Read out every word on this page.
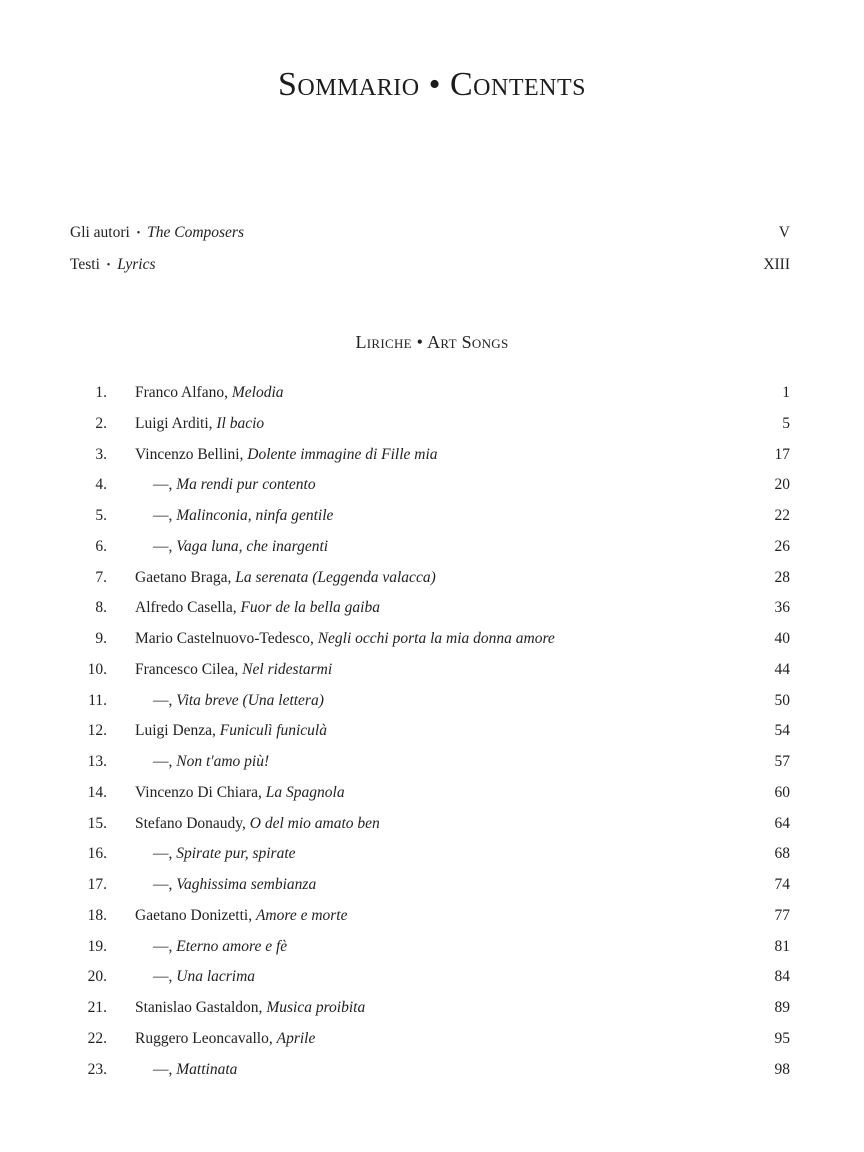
Sommario • Contents
Gli autori • The Composers	V
Testi • Lyrics	XIII
Liriche • Art Songs
1. Franco Alfano, Melodia	1
2. Luigi Arditi, Il bacio	5
3. Vincenzo Bellini, Dolente immagine di Fille mia	17
4.	—, Ma rendi pur contento	20
5.	—, Malinconia, ninfa gentile	22
6.	—, Vaga luna, che inargenti	26
7. Gaetano Braga, La serenata (Leggenda valacca)	28
8. Alfredo Casella, Fuor de la bella gaiba	36
9. Mario Castelnuovo-Tedesco, Negli occhi porta la mia donna amore	40
10. Francesco Cilea, Nel ridestarmi	44
11.	—, Vita breve (Una lettera)	50
12. Luigi Denza, Funiculì funiculà	54
13.	—, Non t'amo più!	57
14. Vincenzo Di Chiara, La Spagnola	60
15. Stefano Donaudy, O del mio amato ben	64
16.	—, Spirate pur, spirate	68
17.	—, Vaghissima sembianza	74
18. Gaetano Donizetti, Amore e morte	77
19.	—, Eterno amore e fè	81
20.	—, Una lacrima	84
21. Stanislao Gastaldon, Musica proibita	89
22. Ruggero Leoncavallo, Aprile	95
23.	—, Mattinata	98
